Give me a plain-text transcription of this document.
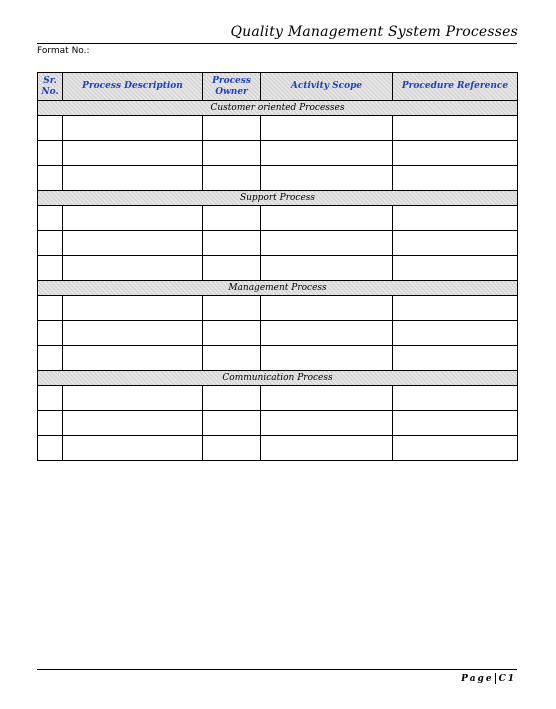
Quality Management System Processes
Format No.:
Sr. No.	Process Description	Process Owner	Activity Scope	Procedure Reference
Customer oriented Processes				

Support Process				

Management Process				

Communication Process				

Page C1
